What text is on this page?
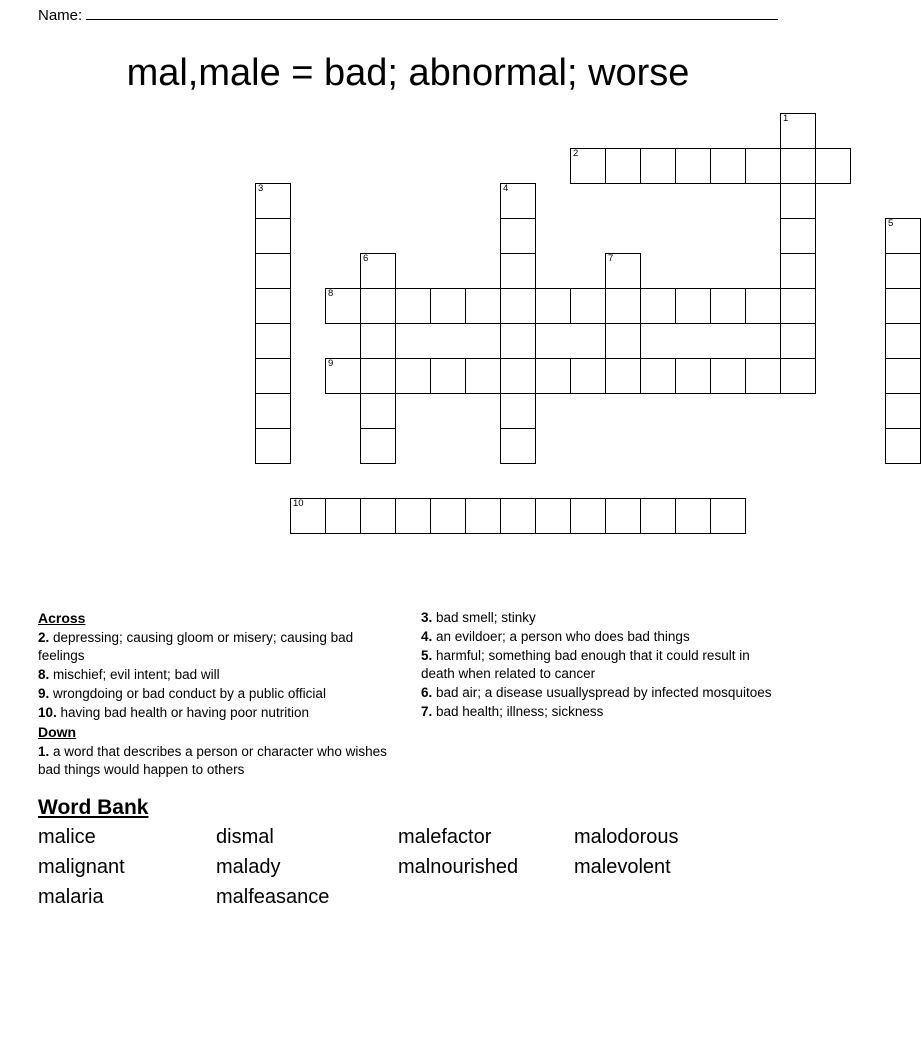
Name:
mal,male = bad; abnormal; worse
1
2
3	4
5
6	7
8
9
10
Across
2. depressing; causing gloom or misery; causing bad feelings
8. mischief; evil intent; bad will
9. wrongdoing or bad conduct by a public official
10. having bad health or having poor nutrition
Down
1. a word that describes a person or character who wishes bad things would happen to others
3. bad smell; stinky
4. an evildoer; a person who does bad things
5. harmful; something bad enough that it could result in death when related to cancer
6. bad air; a disease usuallyspread by infected mosquitoes
7. bad health; illness; sickness
Word Bank
malice	dismal	malefactor	malodorous
malignant	malady	malnourished	malevolent
malaria	malfeasance
